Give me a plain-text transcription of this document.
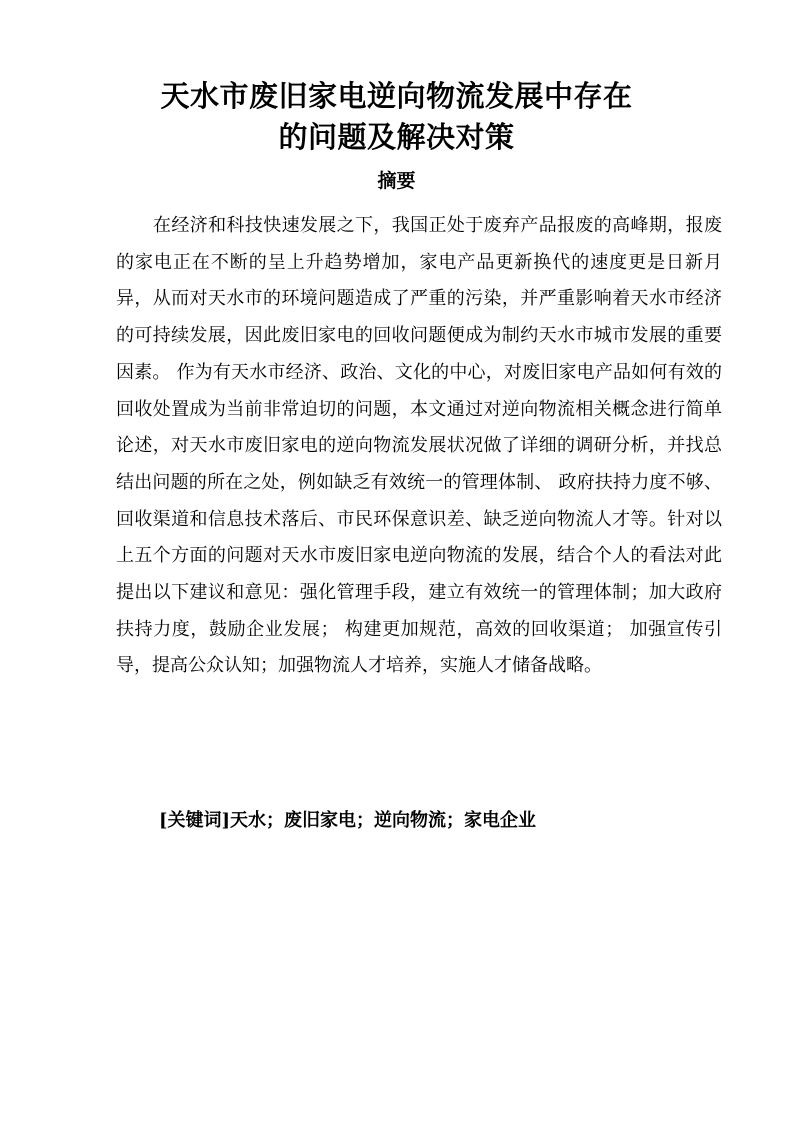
天水市废旧家电逆向物流发展中存在
的问题及解决对策
摘要

在经济和科技快速发展之下，我国正处于废弃产品报废的高峰期，报废的家电正在不断的呈上升趋势增加，家电产品更新换代的速度更是日新月异，从而对天水市的环境问题造成了严重的污染，并严重影响着天水市经济的可持续发展，因此废旧家电的回收问题便成为制约天水市城市发展的重要因素。 作为有天水市经济、政治、文化的中心，对废旧家电产品如何有效的回收处置成为当前非常迫切的问题，本文通过对逆向物流相关概念进行简单论述，对天水市废旧家电的逆向物流发展状况做了详细的调研分析，并找总结出问题的所在之处，例如缺乏有效统一的管理体制、 政府扶持力度不够、回收渠道和信息技术落后、市民环保意识差、缺乏逆向物流人才等。针对以上五个方面的问题对天水市废旧家电逆向物流的发展，结合个人的看法对此提出以下建议和意见：强化管理手段，建立有效统一的管理体制；加大政府扶持力度，鼓励企业发展； 构建更加规范，高效的回收渠道； 加强宣传引导，提高公众认知；加强物流人才培养，实施人才储备战略。

[关键词]天水；废旧家电；逆向物流；家电企业
